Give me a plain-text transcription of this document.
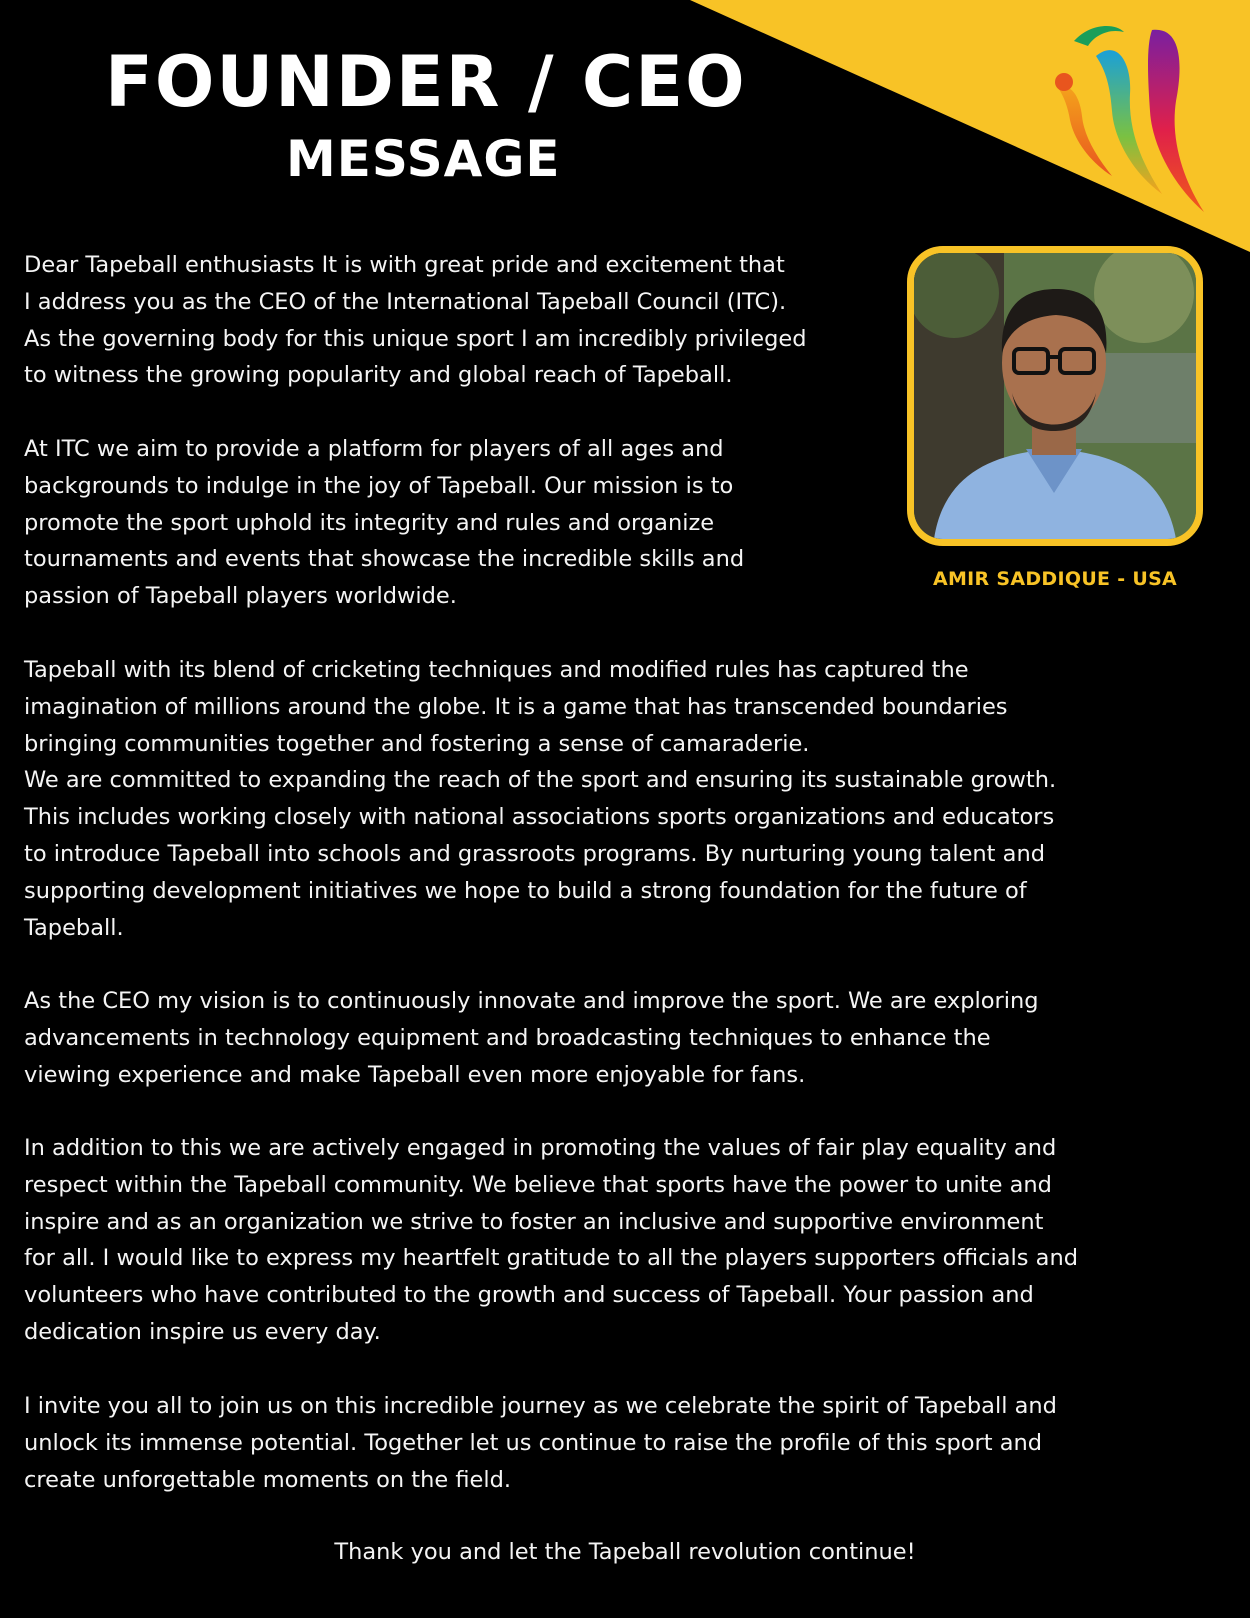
FOUNDER / CEO
MESSAGE
AMIR SADDIQUE - USA
Dear Tapeball enthusiasts It is with great pride and excitement that
I address you as the CEO of the International Tapeball Council (ITC).
As the governing body for this unique sport I am incredibly privileged
to witness the growing popularity and global reach of Tapeball.
At ITC we aim to provide a platform for players of all ages and
backgrounds to indulge in the joy of Tapeball. Our mission is to
promote the sport uphold its integrity and rules and organize
tournaments and events that showcase the incredible skills and
passion of Tapeball players worldwide.
Tapeball with its blend of cricketing techniques and modified rules has captured the
imagination of millions around the globe. It is a game that has transcended boundaries
bringing communities together and fostering a sense of camaraderie.
We are committed to expanding the reach of the sport and ensuring its sustainable growth.
This includes working closely with national associations sports organizations and educators
to introduce Tapeball into schools and grassroots programs. By nurturing young talent and
supporting development initiatives we hope to build a strong foundation for the future of
Tapeball.
As the CEO my vision is to continuously innovate and improve the sport. We are exploring
advancements in technology equipment and broadcasting techniques to enhance the
viewing experience and make Tapeball even more enjoyable for fans.
In addition to this we are actively engaged in promoting the values of fair play equality and
respect within the Tapeball community. We believe that sports have the power to unite and
inspire and as an organization we strive to foster an inclusive and supportive environment
for all. I would like to express my heartfelt gratitude to all the players supporters officials and
volunteers who have contributed to the growth and success of Tapeball. Your passion and
dedication inspire us every day.
I invite you all to join us on this incredible journey as we celebrate the spirit of Tapeball and
unlock its immense potential. Together let us continue to raise the profile of this sport and
create unforgettable moments on the field.
Thank you and let the Tapeball revolution continue!
